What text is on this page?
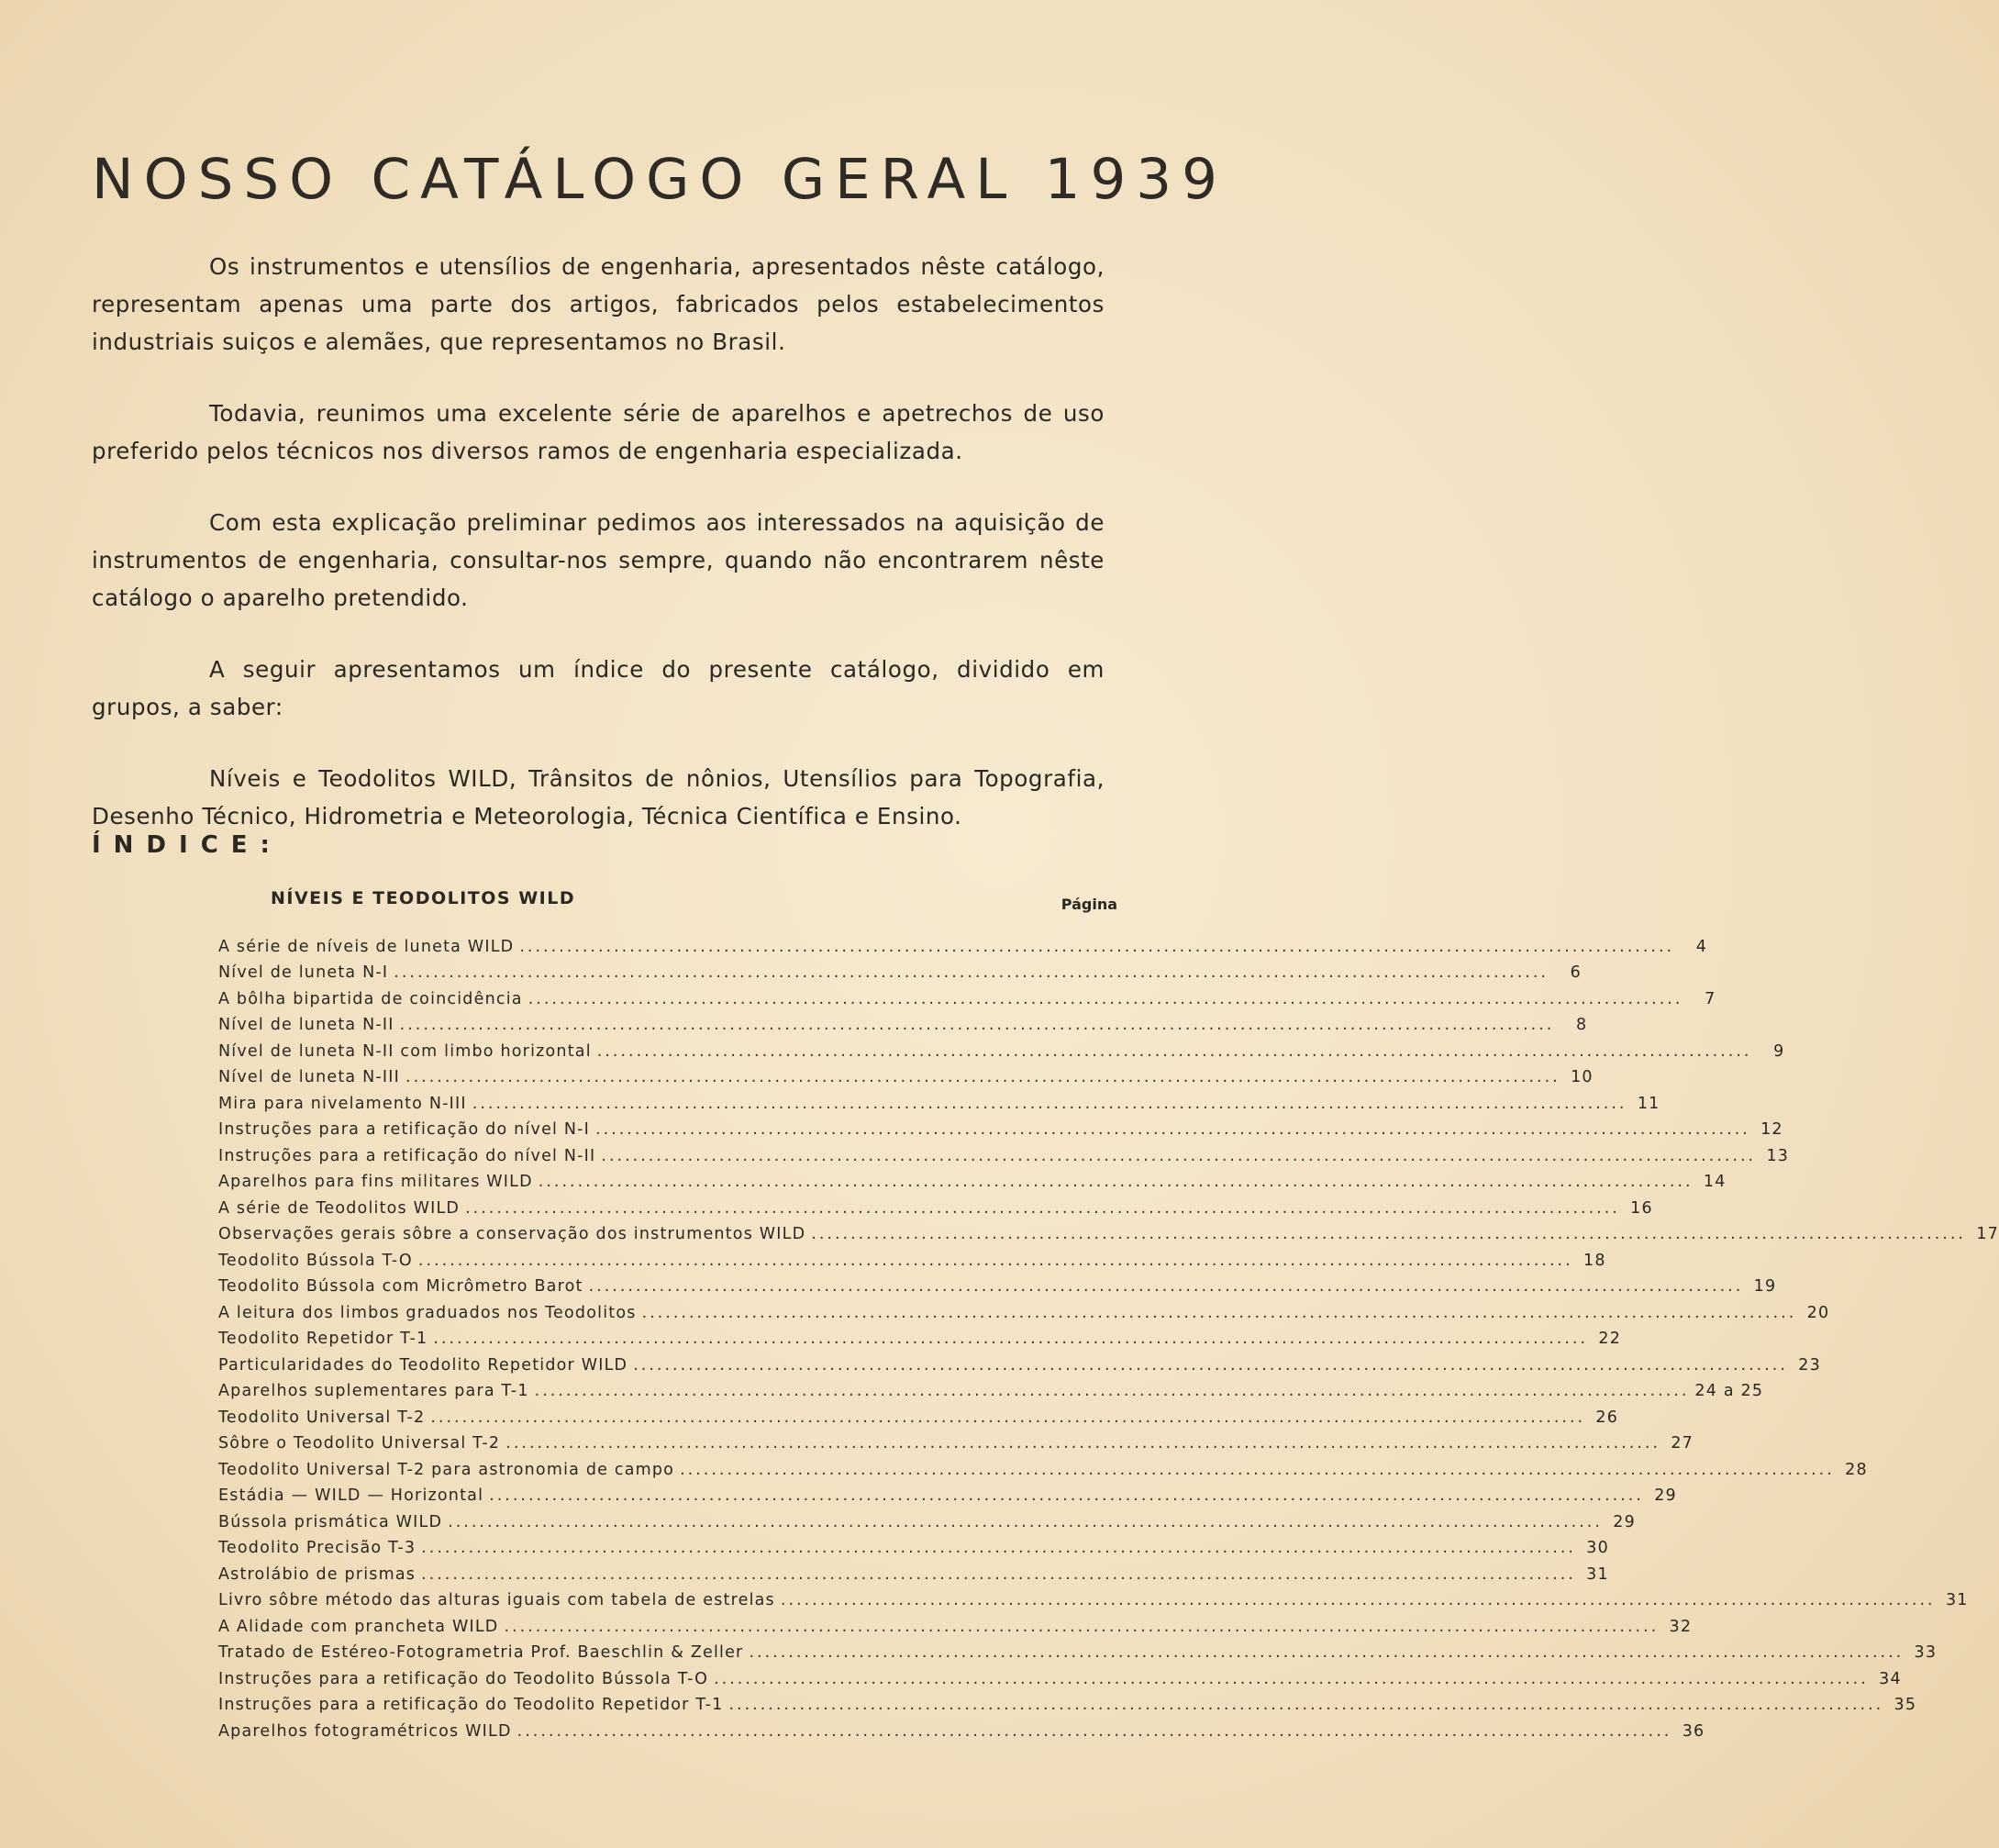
NOSSO CATÁLOGO GERAL 1939

Os instrumentos e utensílios de engenharia, apresentados nêste catálogo, representam apenas uma parte dos artigos, fabricados pelos estabelecimentos industriais suiços e alemães, que representamos no Brasil.

Todavia, reunimos uma excelente série de aparelhos e apetrechos de uso preferido pelos técnicos nos diversos ramos de engenharia especializada.

Com esta explicação preliminar pedimos aos interessados na aquisição de instrumentos de engenharia, consultar-nos sempre, quando não encontrarem nêste catálogo o aparelho pretendido.

A seguir apresentamos um índice do presente catálogo, dividido em grupos, a saber:

Níveis e Teodolitos WILD, Trânsitos de nônios, Utensílios para Topografia, Desenho Técnico, Hidrometria e Meteorologia, Técnica Científica e Ensino.

ÍNDICE:
NÍVEIS E TEODOLITOS WILD	Página
A série de níveis de luneta WILD ...................................................................................................................................................	4
Nível de luneta N-I ...................................................................................................................................................	6
A bôlha bipartida de coincidência ...................................................................................................................................................	7
Nível de luneta N-II ...................................................................................................................................................	8
Nível de luneta N-II com limbo horizontal ...................................................................................................................................................	9
Nível de luneta N-III ................................................................................................................................................... 10
Mira para nivelamento N-III ................................................................................................................................................... 11
Instruções para a retificação do nível N-I ................................................................................................................................................... 12
Instruções para a retificação do nível N-II ................................................................................................................................................... 13
Aparelhos para fins militares WILD ................................................................................................................................................... 14
A série de Teodolitos WILD ................................................................................................................................................... 16
Observações gerais sôbre a conservação dos instrumentos WILD ................................................................................................................................................... 17
Teodolito Bússola T-O ................................................................................................................................................... 18
Teodolito Bússola com Micrômetro Barot ................................................................................................................................................... 19
A leitura dos limbos graduados nos Teodolitos ................................................................................................................................................... 20
Teodolito Repetidor T-1 ................................................................................................................................................... 22
Particularidades do Teodolito Repetidor WILD ................................................................................................................................................... 23
Aparelhos suplementares para T-1 ................................................................................................................................................... 24 a 25
Teodolito Universal T-2 ................................................................................................................................................... 26
Sôbre o Teodolito Universal T-2 ................................................................................................................................................... 27
Teodolito Universal T-2 para astronomia de campo ................................................................................................................................................... 28
Estádia — WILD — Horizontal ................................................................................................................................................... 29
Bússola prismática WILD ................................................................................................................................................... 29
Teodolito Precisão T-3 ................................................................................................................................................... 30
Astrolábio de prismas ................................................................................................................................................... 31
Livro sôbre método das alturas iguais com tabela de estrelas ................................................................................................................................................... 31
A Alidade com prancheta WILD ................................................................................................................................................... 32
Tratado de Estéreo-Fotogrametria Prof. Baeschlin & Zeller ................................................................................................................................................... 33
Instruções para a retificação do Teodolito Bússola T-O ................................................................................................................................................... 34
Instruções para a retificação do Teodolito Repetidor T-1 ................................................................................................................................................... 35
Aparelhos fotogramétricos WILD ................................................................................................................................................... 36
